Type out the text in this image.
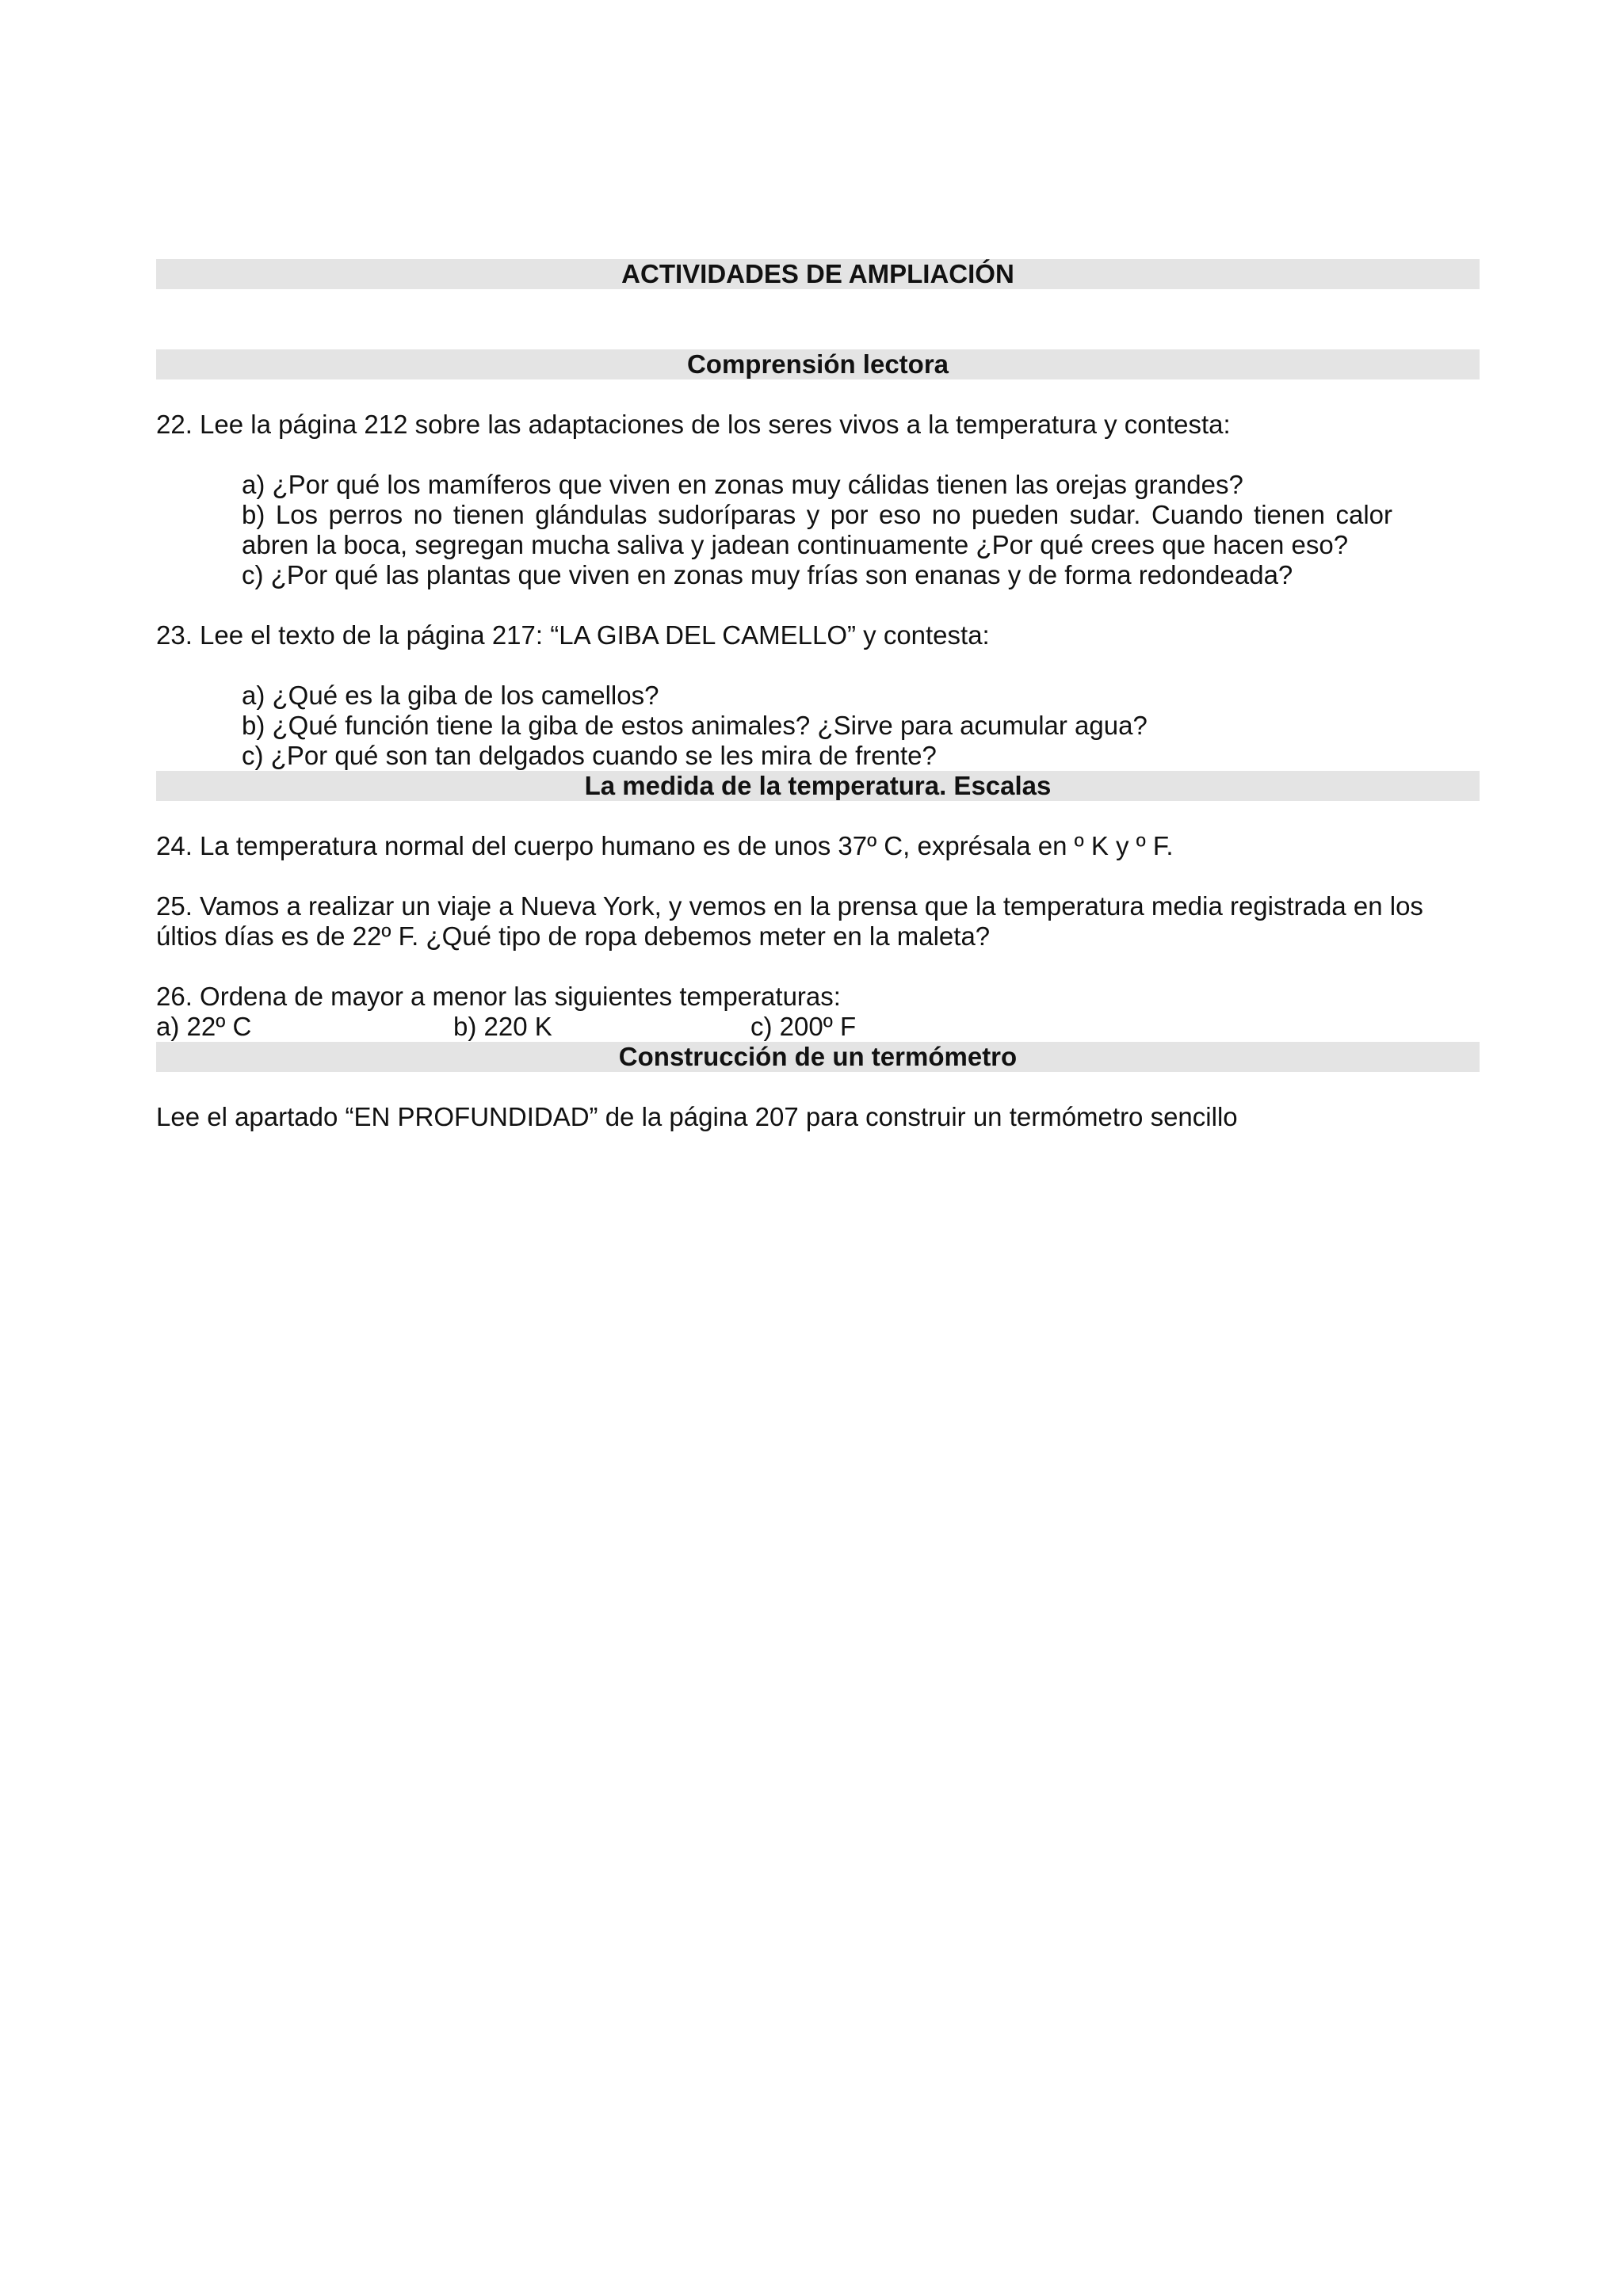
ACTIVIDADES DE AMPLIACIÓN
Comprensión lectora

22. Lee la página 212 sobre las adaptaciones de los seres vivos a la temperatura y contesta:

a) ¿Por qué los mamíferos que viven en zonas muy cálidas tienen las orejas grandes?

b) Los perros no tienen glándulas sudoríparas y por eso no pueden sudar. Cuando tienen calor abren la boca, segregan mucha saliva y jadean continuamente ¿Por qué crees que hacen eso?

c) ¿Por qué las plantas que viven en zonas muy frías son enanas y de forma redondeada?

23. Lee el texto de la página 217: “LA GIBA DEL CAMELLO” y contesta:

a) ¿Qué es la giba de los camellos?

b) ¿Qué función tiene la giba de estos animales? ¿Sirve para acumular agua?

c) ¿Por qué son tan delgados cuando se les mira de frente?

La medida de la temperatura. Escalas

24. La temperatura normal del cuerpo humano es de unos 37º C, exprésala en º K y º F.

25. Vamos a realizar un viaje a Nueva York, y vemos en la prensa que la temperatura media registrada en los últios días es de 22º F. ¿Qué tipo de ropa debemos meter en la maleta?

26. Ordena de mayor a menor las siguientes temperaturas:

a) 22º C	b) 220 K	c) 200º F
Construcción de un termómetro

Lee el apartado “EN PROFUNDIDAD” de la página 207 para construir un termómetro sencillo
